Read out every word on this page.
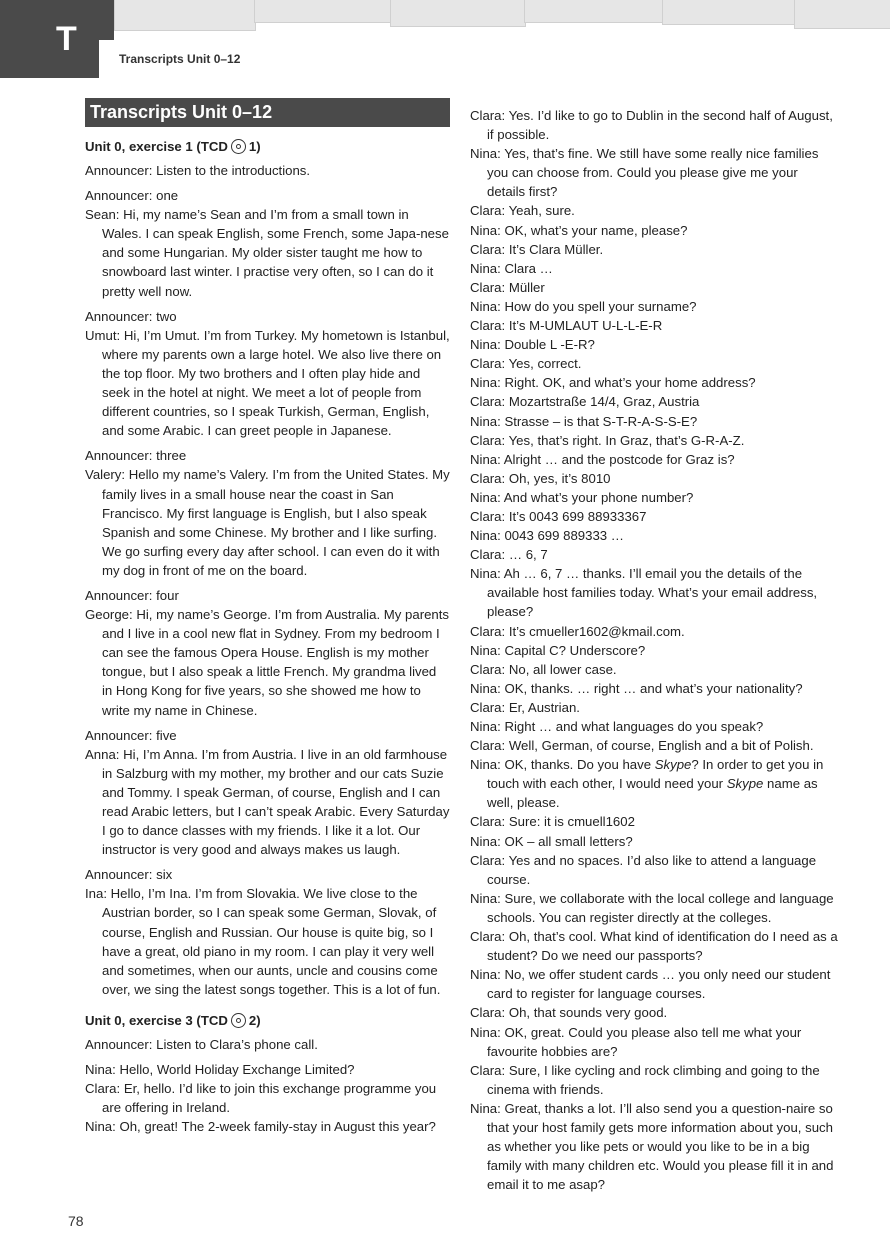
T
Transcripts Unit 0–12
Transcripts Unit 0–12
Unit 0, exercise 1 (TCD 1)

Announcer: Listen to the introductions.

Announcer: one

Sean: Hi, my name’s Sean and I’m from a small town in Wales. I can speak English, some French, some Japa-nese and some Hungarian. My older sister taught me how to snowboard last winter. I practise very often, so I can do it pretty well now.

Announcer: two

Umut: Hi, I’m Umut. I’m from Turkey. My hometown is Istanbul, where my parents own a large hotel. We also live there on the top floor. My two brothers and I often play hide and seek in the hotel at night. We meet a lot of people from different countries, so I speak Turkish, German, English, and some Arabic. I can greet people in Japanese.

Announcer: three

Valery: Hello my name’s Valery. I’m from the United States. My family lives in a small house near the coast in San Francisco. My first language is English, but I also speak Spanish and some Chinese. My brother and I like surfing. We go surfing every day after school. I can even do it with my dog in front of me on the board.

Announcer: four

George: Hi, my name’s George. I’m from Australia. My parents and I live in a cool new flat in Sydney. From my bedroom I can see the famous Opera House. English is my mother tongue, but I also speak a little French. My grandma lived in Hong Kong for five years, so she showed me how to write my name in Chinese.

Announcer: five

Anna: Hi, I’m Anna. I’m from Austria. I live in an old farmhouse in Salzburg with my mother, my brother and our cats Suzie and Tommy. I speak German, of course, English and I can read Arabic letters, but I can’t speak Arabic. Every Saturday I go to dance classes with my friends. I like it a lot. Our instructor is very good and always makes us laugh.

Announcer: six

Ina: Hello, I’m Ina. I’m from Slovakia. We live close to the Austrian border, so I can speak some German, Slovak, of course, English and Russian. Our house is quite big, so I have a great, old piano in my room. I can play it very well and sometimes, when our aunts, uncle and cousins come over, we sing the latest songs together. This is a lot of fun.

Unit 0, exercise 3 (TCD 2)

Announcer: Listen to Clara’s phone call.

Nina: Hello, World Holiday Exchange Limited?

Clara: Er, hello. I’d like to join this exchange programme you are offering in Ireland.

Nina: Oh, great! The 2-week family-stay in August this year?

Clara: Yes. I’d like to go to Dublin in the second half of August, if possible.

Nina: Yes, that’s fine. We still have some really nice families you can choose from. Could you please give me your details first?

Clara: Yeah, sure.

Nina: OK, what’s your name, please?

Clara: It’s Clara Müller.

Nina: Clara …

Clara: Müller

Nina: How do you spell your surname?

Clara: It’s M-UMLAUT U-L-L-E-R

Nina: Double L -E-R?

Clara: Yes, correct.

Nina: Right. OK, and what’s your home address?

Clara: Mozartstraße 14/4, Graz, Austria

Nina: Strasse – is that S-T-R-A-S-S-E?

Clara: Yes, that’s right. In Graz, that’s G-R-A-Z.

Nina: Alright … and the postcode for Graz is?

Clara: Oh, yes, it’s 8010

Nina: And what’s your phone number?

Clara: It’s 0043 699 88933367

Nina: 0043 699 889333 …

Clara: … 6, 7

Nina: Ah … 6, 7 … thanks. I’ll email you the details of the available host families today. What’s your email address, please?

Clara: It’s cmueller1602@kmail.com.

Nina: Capital C? Underscore?

Clara: No, all lower case.

Nina: OK, thanks. … right … and what’s your nationality?

Clara: Er, Austrian.

Nina: Right … and what languages do you speak?

Clara: Well, German, of course, English and a bit of Polish.

Nina: OK, thanks. Do you have Skype? In order to get you in touch with each other, I would need your Skype name as well, please.

Clara: Sure: it is cmuell1602

Nina: OK – all small letters?

Clara: Yes and no spaces. I’d also like to attend a language course.

Nina: Sure, we collaborate with the local college and language schools. You can register directly at the colleges.

Clara: Oh, that’s cool. What kind of identification do I need as a student? Do we need our passports?

Nina: No, we offer student cards … you only need our student card to register for language courses.

Clara: Oh, that sounds very good.

Nina: OK, great. Could you please also tell me what your favourite hobbies are?

Clara: Sure, I like cycling and rock climbing and going to the cinema with friends.

Nina: Great, thanks a lot. I’ll also send you a question-naire so that your host family gets more information about you, such as whether you like pets or would you like to be in a big family with many children etc. Would you please fill it in and email it to me asap?

78
